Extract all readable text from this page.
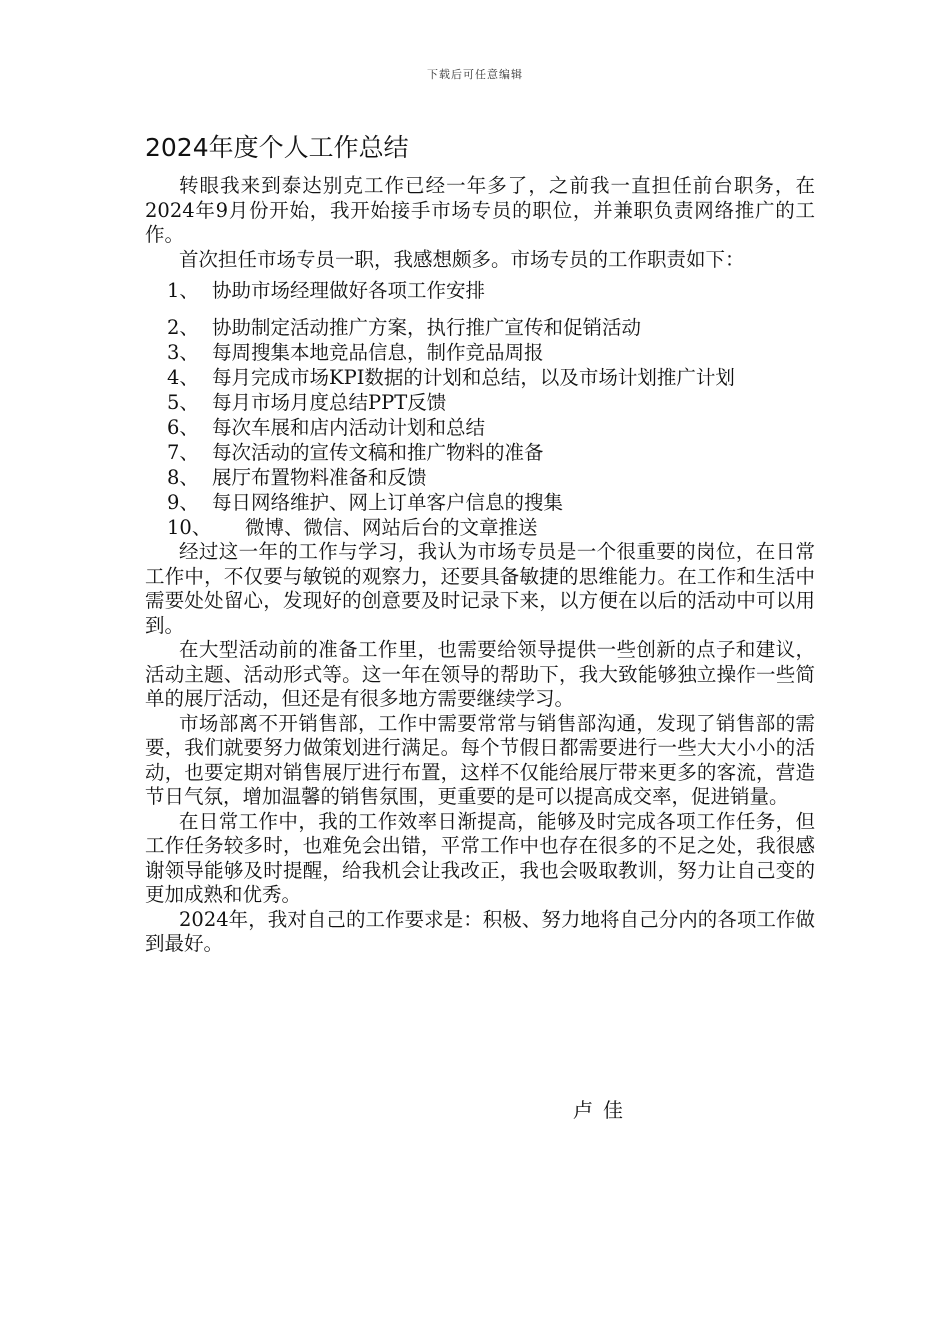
下载后可任意编辑
2024年度个人工作总结

转眼我来到泰达别克工作已经一年多了，之前我一直担任前台职务，在2024年9月份开始，我开始接手市场专员的职位，并兼职负责网络推广的工作。

首次担任市场专员一职，我感想颇多。市场专员的工作职责如下：

1、 协助市场经理做好各项工作安排
2、 协助制定活动推广方案，执行推广宣传和促销活动
3、 每周搜集本地竞品信息，制作竞品周报
4、 每月完成市场KPI数据的计划和总结，以及市场计划推广计划
5、 每月市场月度总结PPT反馈
6、 每次车展和店内活动计划和总结
7、 每次活动的宣传文稿和推广物料的准备
8、 展厅布置物料准备和反馈
9、 每日网络维护、网上订单客户信息的搜集
10、	微博、微信、网站后台的文章推送

经过这一年的工作与学习，我认为市场专员是一个很重要的岗位，在日常工作中，不仅要与敏锐的观察力，还要具备敏捷的思维能力。在工作和生活中需要处处留心，发现好的创意要及时记录下来，以方便在以后的活动中可以用到。

在大型活动前的准备工作里，也需要给领导提供一些创新的点子和建议，活动主题、活动形式等。这一年在领导的帮助下，我大致能够独立操作一些简单的展厅活动，但还是有很多地方需要继续学习。

市场部离不开销售部，工作中需要常常与销售部沟通，发现了销售部的需要，我们就要努力做策划进行满足。每个节假日都需要进行一些大大小小的活动，也要定期对销售展厅进行布置，这样不仅能给展厅带来更多的客流，营造节日气氛，增加温馨的销售氛围，更重要的是可以提高成交率，促进销量。

在日常工作中，我的工作效率日渐提高，能够及时完成各项工作任务，但工作任务较多时，也难免会出错，平常工作中也存在很多的不足之处，我很感谢领导能够及时提醒，给我机会让我改正，我也会吸取教训，努力让自己变的更加成熟和优秀。

2024年，我对自己的工作要求是：积极、努力地将自己分内的各项工作做到最好。

卢佳
